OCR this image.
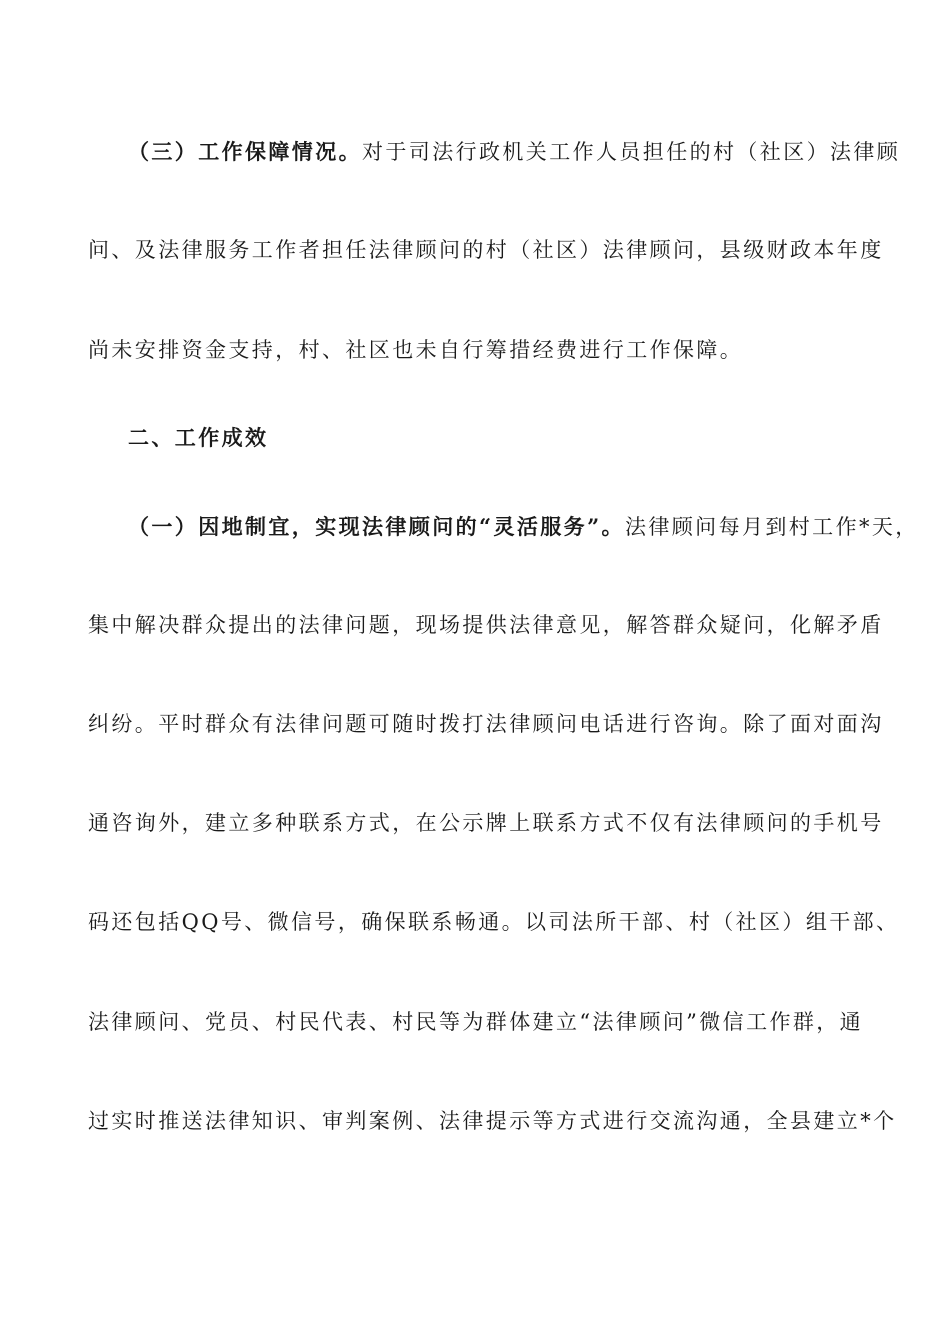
（三）工作保障情况。对于司法行政机关工作人员担任的村（社区）法律顾
问、及法律服务工作者担任法律顾问的村（社区）法律顾问，县级财政本年度
尚未安排资金支持，村、社区也未自行筹措经费进行工作保障。
二、工作成效
（一）因地制宜，实现法律顾问的“灵活服务”。法律顾问每月到村工作*天，
集中解决群众提出的法律问题，现场提供法律意见，解答群众疑问，化解矛盾
纠纷。平时群众有法律问题可随时拨打法律顾问电话进行咨询。除了面对面沟
通咨询外，建立多种联系方式，在公示牌上联系方式不仅有法律顾问的手机号
码还包括QQ号、微信号，确保联系畅通。以司法所干部、村（社区）组干部、
法律顾问、党员、村民代表、村民等为群体建立“法律顾问”微信工作群，通
过实时推送法律知识、审判案例、法律提示等方式进行交流沟通，全县建立*个
